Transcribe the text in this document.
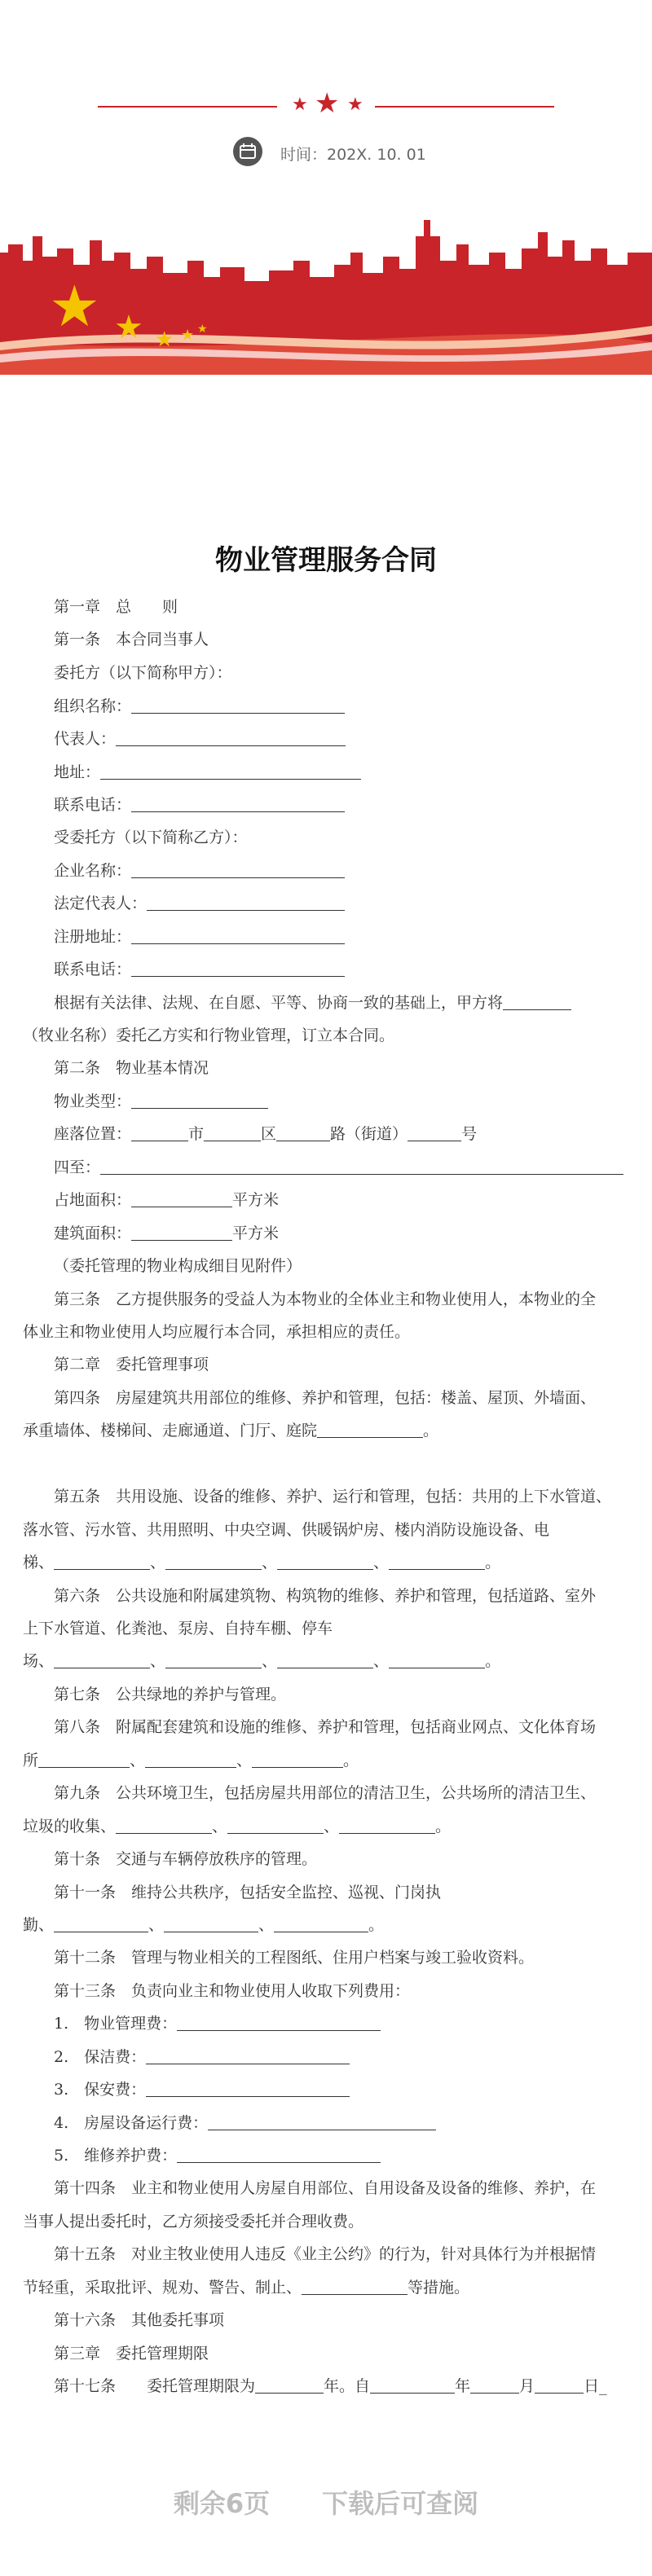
★ ★ ★
时间：202X. 10. 01
★ ★ ★ ★ ★
物业管理服务合同
第一章　总　　则
第一条　本合同当事人
委托方（以下简称甲方）：
组织名称：
代表人：
地址：
联系电话：
受委托方（以下简称乙方）：
企业名称：
法定代表人：
注册地址：
联系电话：
根据有关法律、法规、在自愿、平等、协商一致的基础上，甲方将
（牧业名称）委托乙方实和行物业管理，订立本合同。
第二条　物业基本情况
物业类型：
座落位置：	市	区	路（街道）	号
四至：
占地面积：	平方米
建筑面积：	平方米
（委托管理的物业构成细目见附件）
第三条　乙方提供服务的受益人为本物业的全体业主和物业使用人，本物业的全
体业主和物业使用人均应履行本合同，承担相应的责任。
第二章　委托管理事项
第四条　房屋建筑共用部位的维修、养护和管理，包括：楼盖、屋顶、外墙面、
承重墙体、楼梯间、走廊通道、门厅、庭院	。
第五条　共用设施、设备的维修、养护、运行和管理，包括：共用的上下水管道、
落水管、污水管、共用照明、中央空调、供暖锅炉房、楼内消防设施设备、电
梯、	、	、	、	。
第六条　公共设施和附属建筑物、构筑物的维修、养护和管理，包括道路、室外
上下水管道、化粪池、泵房、自持车棚、停车
场、	、	、	、	。
第七条　公共绿地的养护与管理。
第八条　附属配套建筑和设施的维修、养护和管理，包括商业网点、文化体育场
所	、	、	。
第九条　公共环境卫生，包括房屋共用部位的清洁卫生，公共场所的清洁卫生、
垃圾的收集、	、	、	。
第十条　交通与车辆停放秩序的管理。
第十一条　维持公共秩序，包括安全监控、巡视、门岗执
勤、	、	、	。
第十二条　管理与物业相关的工程图纸、住用户档案与竣工验收资料。
第十三条　负责向业主和物业使用人收取下列费用：
1.　物业管理费：
2.　保洁费：
3.　保安费：
4.　房屋设备运行费：
5.　维修养护费：
第十四条　业主和物业使用人房屋自用部位、自用设备及设备的维修、养护，在
当事人提出委托时，乙方须接受委托并合理收费。
第十五条　对业主牧业使用人违反《业主公约》的行为，针对具体行为并根据情
节轻重，采取批评、规劝、警告、制止、	等措施。
第十六条　其他委托事项
第三章　委托管理期限
第十七条　　委托管理期限为	年。自	年	月	日_
剩余6页　　下载后可查阅
